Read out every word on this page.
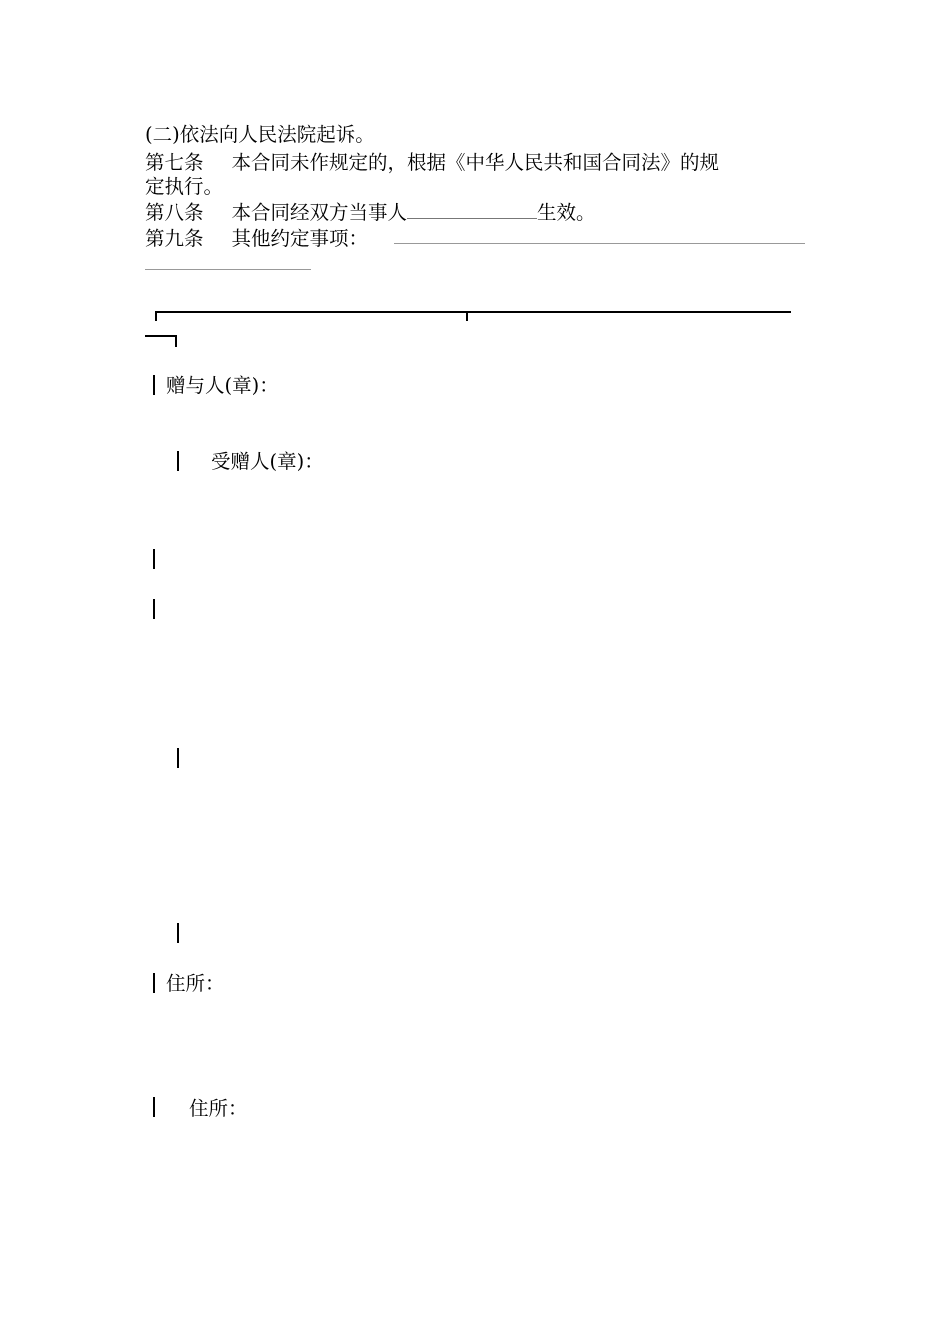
(二)依法向人民法院起诉。
第七条 本合同未作规定的，根据《中华人民共和国合同法》的规
定执行。
第八条 本合同经双方当事人	生效。
第九条 其他约定事项：
赠与人(章)：
受赠人(章)：
住所：
住所：
